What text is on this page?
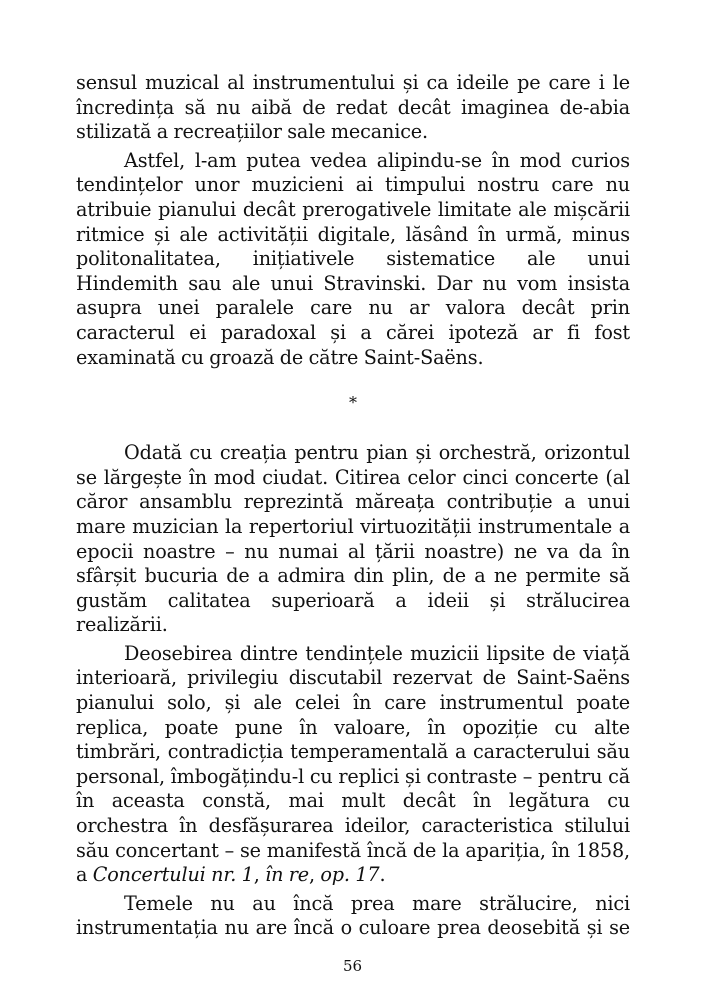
sensul muzical al instrumentului și ca ideile pe care i le încredința să nu aibă de redat decât imaginea de-abia stilizată a recreațiilor sale mecanice.

Astfel, l-am putea vedea alipindu-se în mod curios tendințelor unor muzicieni ai timpului nostru care nu atribuie pianului decât prerogativele limitate ale mișcării ritmice și ale activității digitale, lăsând în urmă, minus politonalitatea, inițiativele sistematice ale unui Hindemith sau ale unui Stravinski. Dar nu vom insista asupra unei paralele care nu ar valora decât prin caracterul ei paradoxal și a cărei ipoteză ar fi fost examinată cu groază de către Saint-Saëns.

*

Odată cu creația pentru pian și orchestră, orizontul se lărgește în mod ciudat. Citirea celor cinci concerte (al căror ansamblu reprezintă măreața contribuție a unui mare muzician la repertoriul virtuozității instrumentale a epocii noastre – nu numai al țării noastre) ne va da în sfârșit bucuria de a admira din plin, de a ne permite să gustăm calitatea superioară a ideii și strălucirea realizării.

Deosebirea dintre tendințele muzicii lipsite de viață interioară, privilegiu discutabil rezervat de Saint-Saëns pianului solo, și ale celei în care instrumentul poate replica, poate pune în valoare, în opoziție cu alte timbrări, contradicția temperamentală a caracterului său personal, îmbogățindu-l cu replici și contraste – pentru că în aceasta constă, mai mult decât în legătura cu orchestra în desfășurarea ideilor, caracteristica stilului său concertant – se manifestă încă de la apariția, în 1858, a Concertului nr. 1, în re, op. 17.

Temele nu au încă prea mare strălucire, nici instrumentația nu are încă o culoare prea deosebită și se

56
